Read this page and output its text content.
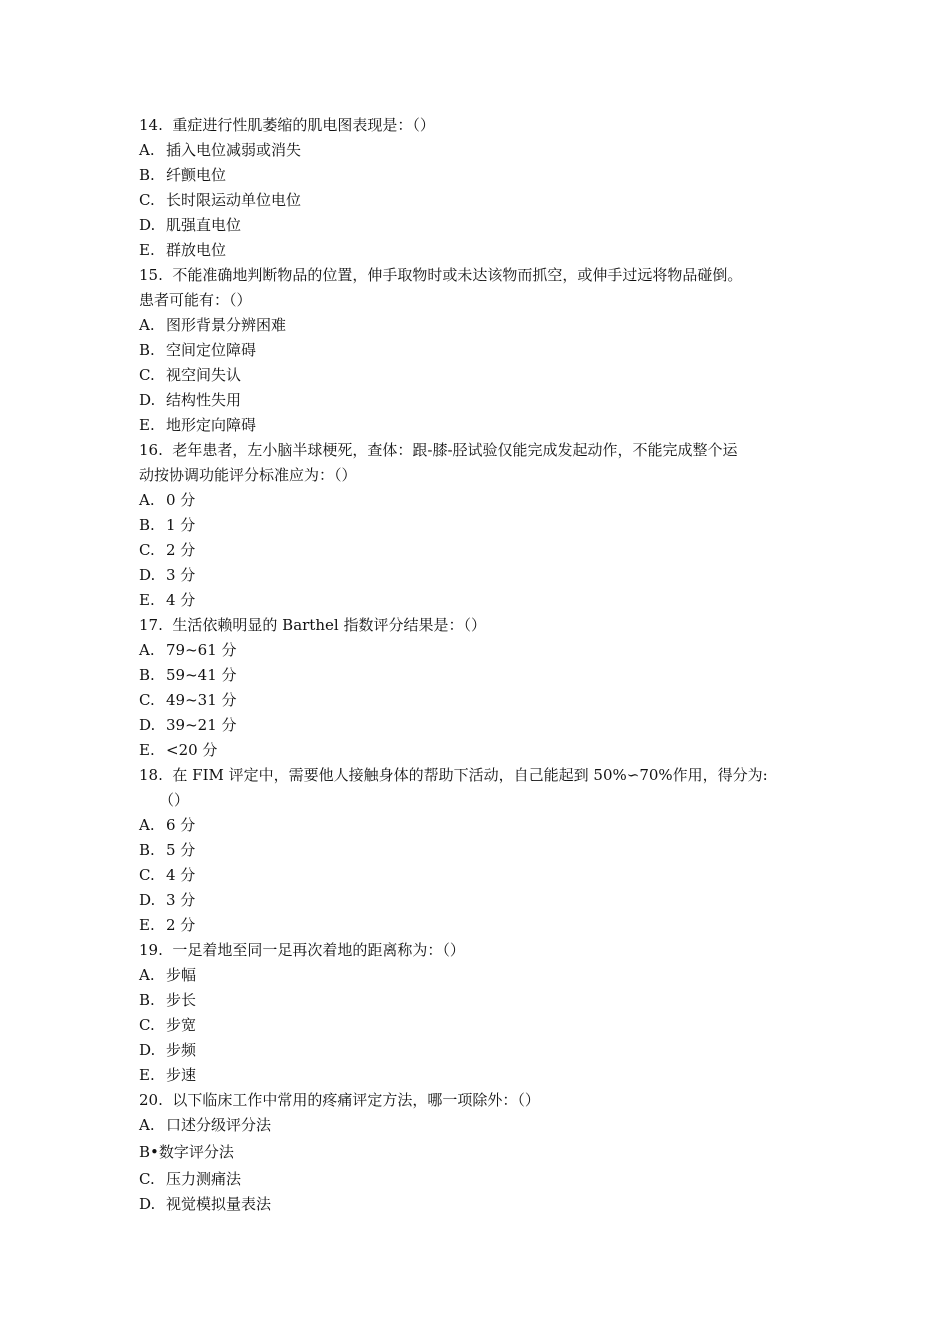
14. 重症进行性肌萎缩的肌电图表现是：（）
A. 插入电位减弱或消失
B. 纤颤电位
C. 长时限运动单位电位
D. 肌强直电位
E. 群放电位
15. 不能准确地判断物品的位置，伸手取物时或未达该物而抓空，或伸手过远将物品碰倒。
患者可能有：（）
A. 图形背景分辨困难
B. 空间定位障碍
C. 视空间失认
D. 结构性失用
E. 地形定向障碍
16. 老年患者，左小脑半球梗死，查体：跟-膝-胫试验仅能完成发起动作，不能完成整个运
动按协调功能评分标准应为：（）
A. 0 分
B. 1 分
C. 2 分
D. 3 分
E. 4 分
17. 生活依赖明显的 Barthel 指数评分结果是：（）
A. 79~61 分
B. 59~41 分
C. 49~31 分
D. 39~21 分
E. <20 分
18. 在 FIM 评定中，需要他人接触身体的帮助下活动，自己能起到 50%∽70%作用，得分为:
（）
A. 6 分
B. 5 分
C. 4 分
D. 3 分
E. 2 分
19. 一足着地至同一足再次着地的距离称为：（）
A. 步幅
B. 步长
C. 步宽
D. 步频
E. 步速
20. 以下临床工作中常用的疼痛评定方法，哪一项除外：（）
A. 口述分级评分法
B•数字评分法
C. 压力测痛法
D. 视觉模拟量表法
